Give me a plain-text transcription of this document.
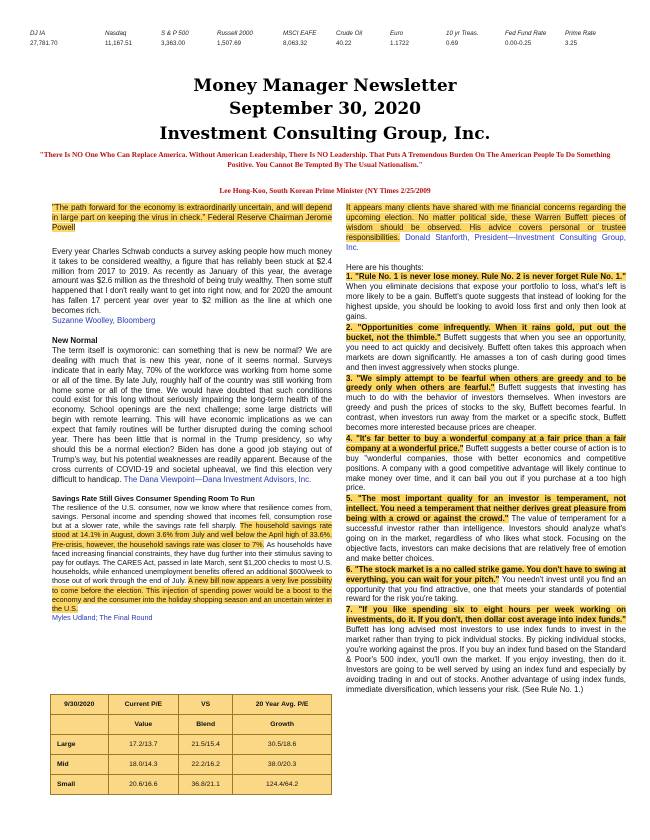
DJ IA
27,781.70
Nasdaq
11,167.51
S & P 500
3,363.00
Russell 2000
1,507.69
MSCI EAFE
8,063.32
Crude Oil
40.22
Euro
1.1722
10 yr Treas.
0.69
Fed Fund Rate
0.00-0.25
Prime Rate
3.25
Money Manager Newsletter
September 30, 2020
Investment Consulting Group, Inc.
"There Is NO One Who Can Replace America. Without American Leadership, There Is NO Leadership. That Puts A Tremendous Burden On The American People To Do Something Positive. You Cannot Be Tempted By The Usual Nationalism."
Lee Hong-Koo, South Korean Prime Minister (NY Times 2/25/2009

"The path forward for the economy is extraordinarily uncertain, and will depend in large part on keeping the virus in check." Federal Reserve Chairman Jerome Powell

Every year Charles Schwab conducts a survey asking people how much money it takes to be considered wealthy, a figure that has reliably been stuck at $2.4 million from 2017 to 2019. As recently as January of this year, the average amount was $2.6 million as the threshold of being truly wealthy. Then some stuff happened that I don't really want to get into right now, and for 2020 the amount has fallen 17 percent year over year to $2 million as the line at which one becomes rich.

Suzanne Woolley, Bloomberg

New Normal

The term itself is oxymoronic: can something that is new be normal? We are dealing with much that is new this year, none of it seems normal. Surveys indicate that in early May, 70% of the workforce was working from home some or all of the time. By late July, roughly half of the country was still working from home some or all of the time. We would have doubted that such conditions could exist for this long without seriously impairing the long-term health of the economy. School openings are the next challenge; some large districts will begin with remote learning. This will have economic implications as we can expect that family routines will be further disrupted during the coming school year. There has been little that is normal in the Trump presidency, so why should this be a normal election? Biden has done a good job staying out of Trump's way, but his potential weaknesses are readily apparent. Because of the cross currents of COVID-19 and societal upheaval, we find this election very difficult to handicap. The Dana Viewpoint—Dana Investment Advisors, Inc.

Savings Rate Still Gives Consumer Spending Room To Run

The resilience of the U.S. consumer, now we know where that resilience comes from, savings. Personal income and spending showed that incomes fell, consumption rose but at a slower rate, while the savings rate fell sharply. The household savings rate stood at 14.1% in August, down 3.6% from July and well below the April high of 33.6%. Pre-crisis, however, the household savings rate was closer to 7%. As households have faced increasing financial constraints, they have dug further into their stimulus saving to pay for outlays. The CARES Act, passed in late March, sent $1,200 checks to most U.S. households, while enhanced unemployment benefits offered an additional $600/week to those out of work through the end of July. A new bill now appears a very live possibility to come before the election. This injection of spending power would be a boost to the economy and the consumer into the holiday shopping season and an uncertain winter in the U.S.

Myles Udland; The Final Round
9/30/2020	Current P/E	VS	20 Year Avg. P/E
	Value	Blend	Growth
Large	17.2/13.7	21.5/15.4	30.5/18.6
Mid	18.0/14.3	22.2/16.2	38.0/20.3
Small	20.6/16.6	36.8/21.1	124.4/64.2

It appears many clients have shared with me financial concerns regarding the upcoming election. No matter political side, these Warren Buffett pieces of wisdom should be observed. His advice covers personal or trustee responsibilities. Donald Stanforth, President—Investment Consulting Group, Inc.

Here are his thoughts:

1. "Rule No. 1 is never lose money. Rule No. 2 is never forget Rule No. 1." When you eliminate decisions that expose your portfolio to loss, what's left is more likely to be a gain. Buffett's quote suggests that instead of looking for the highest upside, you should be looking to avoid loss first and only then look at gains.

2. "Opportunities come infrequently. When it rains gold, put out the bucket, not the thimble." Buffett suggests that when you see an opportunity, you need to act quickly and decisively. Buffett often takes this approach when markets are down significantly. He amasses a ton of cash during good times and then invest aggressively when stocks plunge.

3. "We simply attempt to be fearful when others are greedy and to be greedy only when others are fearful." Buffett suggests that investing has much to do with the behavior of investors themselves. When investors are greedy and push the prices of stocks to the sky, Buffett becomes fearful. In contrast, when investors run away from the market or a specific stock, Buffett becomes more interested because prices are cheaper.

4. "It's far better to buy a wonderful company at a fair price than a fair company at a wonderful price." Buffett suggests a better course of action is to buy "wonderful companies, those with better economics and competitive positions. A company with a good competitive advantage will likely continue to make money over time, and it can bail you out if you purchase at a too high price.

5. "The most important quality for an investor is temperament, not intellect. You need a temperament that neither derives great pleasure from being with a crowd or against the crowd." The value of temperament for a successful investor rather than intelligence. Investors should analyze what's going on in the market, regardless of who likes what stock. Focusing on the objective facts, investors can make decisions that are relatively free of emotion and make better choices.

6. "The stock market is a no called strike game. You don't have to swing at everything, you can wait for your pitch." You needn't invest until you find an opportunity that you find attractive, one that meets your standards of potential reward for the risk you're taking.

7. "If you like spending six to eight hours per week working on investments, do it. If you don't, then dollar cost average into index funds." Buffett has long advised most investors to use index funds to invest in the market rather than trying to pick individual stocks. By picking individual stocks, you're working against the pros. If you buy an index fund based on the Standard & Poor's 500 index, you'll own the market. If you enjoy investing, then do it. Investors are going to be well served by using an index fund and especially by avoiding trading in and out of stocks. Another advantage of using index funds, immediate diversification, which lessens your risk. (See Rule No. 1.)
